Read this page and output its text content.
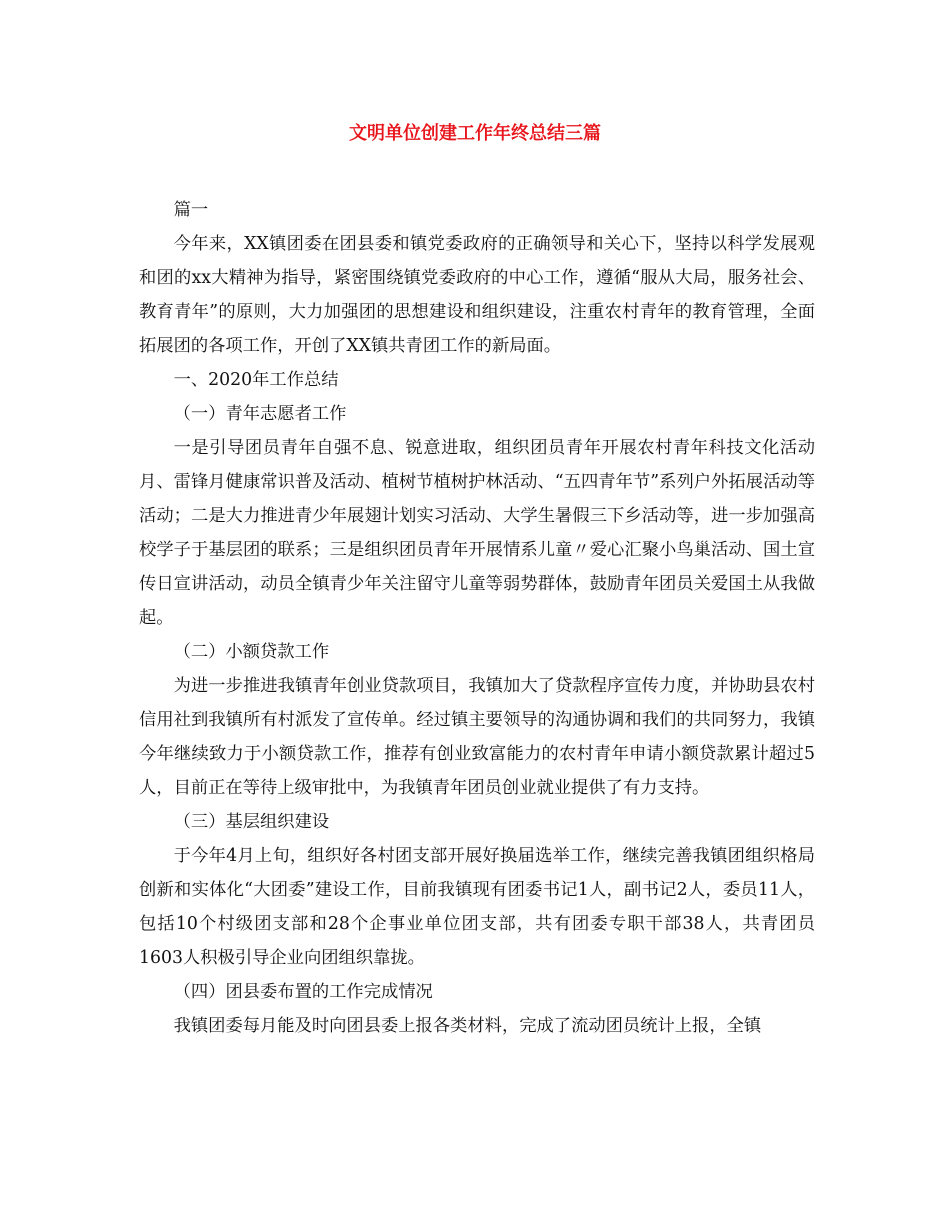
文明单位创建工作年终总结三篇

篇一

今年来，XX镇团委在团县委和镇党委政府的正确领导和关心下，坚持以科学发展观和团的xx大精神为指导，紧密围绕镇党委政府的中心工作，遵循“服从大局，服务社会、教育青年”的原则，大力加强团的思想建设和组织建设，注重农村青年的教育管理，全面拓展团的各项工作，开创了XX镇共青团工作的新局面。

一、2020年工作总结

（一）青年志愿者工作

一是引导团员青年自强不息、锐意进取，组织团员青年开展农村青年科技文化活动月、雷锋月健康常识普及活动、植树节植树护林活动、“五四青年节”系列户外拓展活动等活动；二是大力推进青少年展翅计划实习活动、大学生暑假三下乡活动等，进一步加强高校学子于基层团的联系；三是组织团员青年开展情系儿童〃爱心汇聚小鸟巢活动、国土宣传日宣讲活动，动员全镇青少年关注留守儿童等弱势群体，鼓励青年团员关爱国土从我做起。

（二）小额贷款工作

为进一步推进我镇青年创业贷款项目，我镇加大了贷款程序宣传力度，并协助县农村信用社到我镇所有村派发了宣传单。经过镇主要领导的沟通协调和我们的共同努力，我镇今年继续致力于小额贷款工作，推荐有创业致富能力的农村青年申请小额贷款累计超过5人，目前正在等待上级审批中，为我镇青年团员创业就业提供了有力支持。

（三）基层组织建设

于今年4月上旬，组织好各村团支部开展好换届选举工作，继续完善我镇团组织格局创新和实体化“大团委”建设工作，目前我镇现有团委书记1人，副书记2人，委员11人，包括10个村级团支部和28个企事业单位团支部，共有团委专职干部38人，共青团员1603人积极引导企业向团组织靠拢。

（四）团县委布置的工作完成情况

我镇团委每月能及时向团县委上报各类材料，完成了流动团员统计上报，全镇
